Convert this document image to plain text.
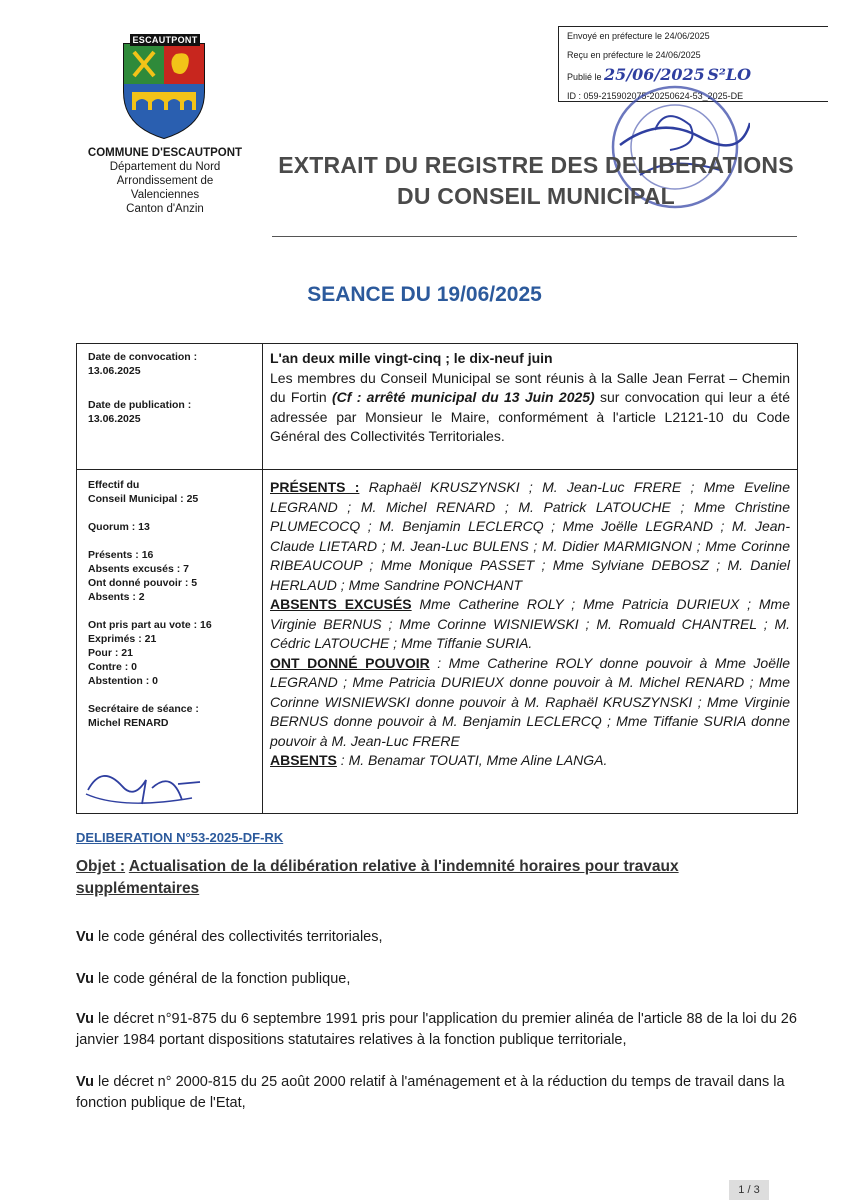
ESCAUTPONT
COMMUNE D'ESCAUTPONT
Département du Nord
Arrondissement de
Valenciennes
Canton d'Anzin
Envoyé en préfecture le 24/06/2025
Reçu en préfecture le 24/06/2025
Publié le 25/06/2025 S²LO
ID : 059-215902075-20250624-53_2025-DE
EXTRAIT DU REGISTRE DES DELIBERATIONS
DU CONSEIL MUNICIPAL
SEANCE DU 19/06/2025
Date de convocation :
13.06.2025
Date de publication :
13.06.2025
L'an deux mille vingt-cinq ; le dix-neuf juin
Les membres du Conseil Municipal se sont réunis à la Salle Jean Ferrat – Chemin du Fortin (Cf : arrêté municipal du 13 Juin 2025) sur convocation qui leur a été adressée par Monsieur le Maire, conformément à l'article L2121-10 du Code Général des Collectivités Territoriales.
Effectif du
Conseil Municipal : 25
Quorum : 13
Présents : 16
Absents excusés : 7
Ont donné pouvoir : 5
Absents : 2
Ont pris part au vote : 16
Exprimés : 21
Pour : 21
Contre : 0
Abstention : 0
Secrétaire de séance :
Michel RENARD
PRÉSENTS : Raphaël KRUSZYNSKI ; M. Jean-Luc FRERE ; Mme Eveline LEGRAND ; M. Michel RENARD ; M. Patrick LATOUCHE ; Mme Christine PLUMECOCQ ; M. Benjamin LECLERCQ ; Mme Joëlle LEGRAND ; M. Jean-Claude LIETARD ; M. Jean-Luc BULENS ; M. Didier MARMIGNON ; Mme Corinne RIBEAUCOUP ; Mme Monique PASSET ; Mme Sylviane DEBOSZ ; M. Daniel HERLAUD ; Mme Sandrine PONCHANT
ABSENTS EXCUSÉS Mme Catherine ROLY ; Mme Patricia DURIEUX ; Mme Virginie BERNUS ; Mme Corinne WISNIEWSKI ; M. Romuald CHANTREL ; M. Cédric LATOUCHE ; Mme Tiffanie SURIA.
ONT DONNÉ POUVOIR : Mme Catherine ROLY donne pouvoir à Mme Joëlle LEGRAND ; Mme Patricia DURIEUX donne pouvoir à M. Michel RENARD ; Mme Corinne WISNIEWSKI donne pouvoir à M. Raphaël KRUSZYNSKI ; Mme Virginie BERNUS donne pouvoir à M. Benjamin LECLERCQ ; Mme Tiffanie SURIA donne pouvoir à M. Jean-Luc FRERE
ABSENTS : M. Benamar TOUATI, Mme Aline LANGA.
DELIBERATION N°53-2025-DF-RK
Objet : Actualisation de la délibération relative à l'indemnité horaires pour travaux supplémentaires
Vu le code général des collectivités territoriales,
Vu le code général de la fonction publique,
Vu le décret n°91-875 du 6 septembre 1991 pris pour l'application du premier alinéa de l'article 88 de la loi du 26 janvier 1984 portant dispositions statutaires relatives à la fonction publique territoriale,
Vu le décret n° 2000-815 du 25 août 2000 relatif à l'aménagement et à la réduction du temps de travail dans la fonction publique de l'Etat,
1 / 3
